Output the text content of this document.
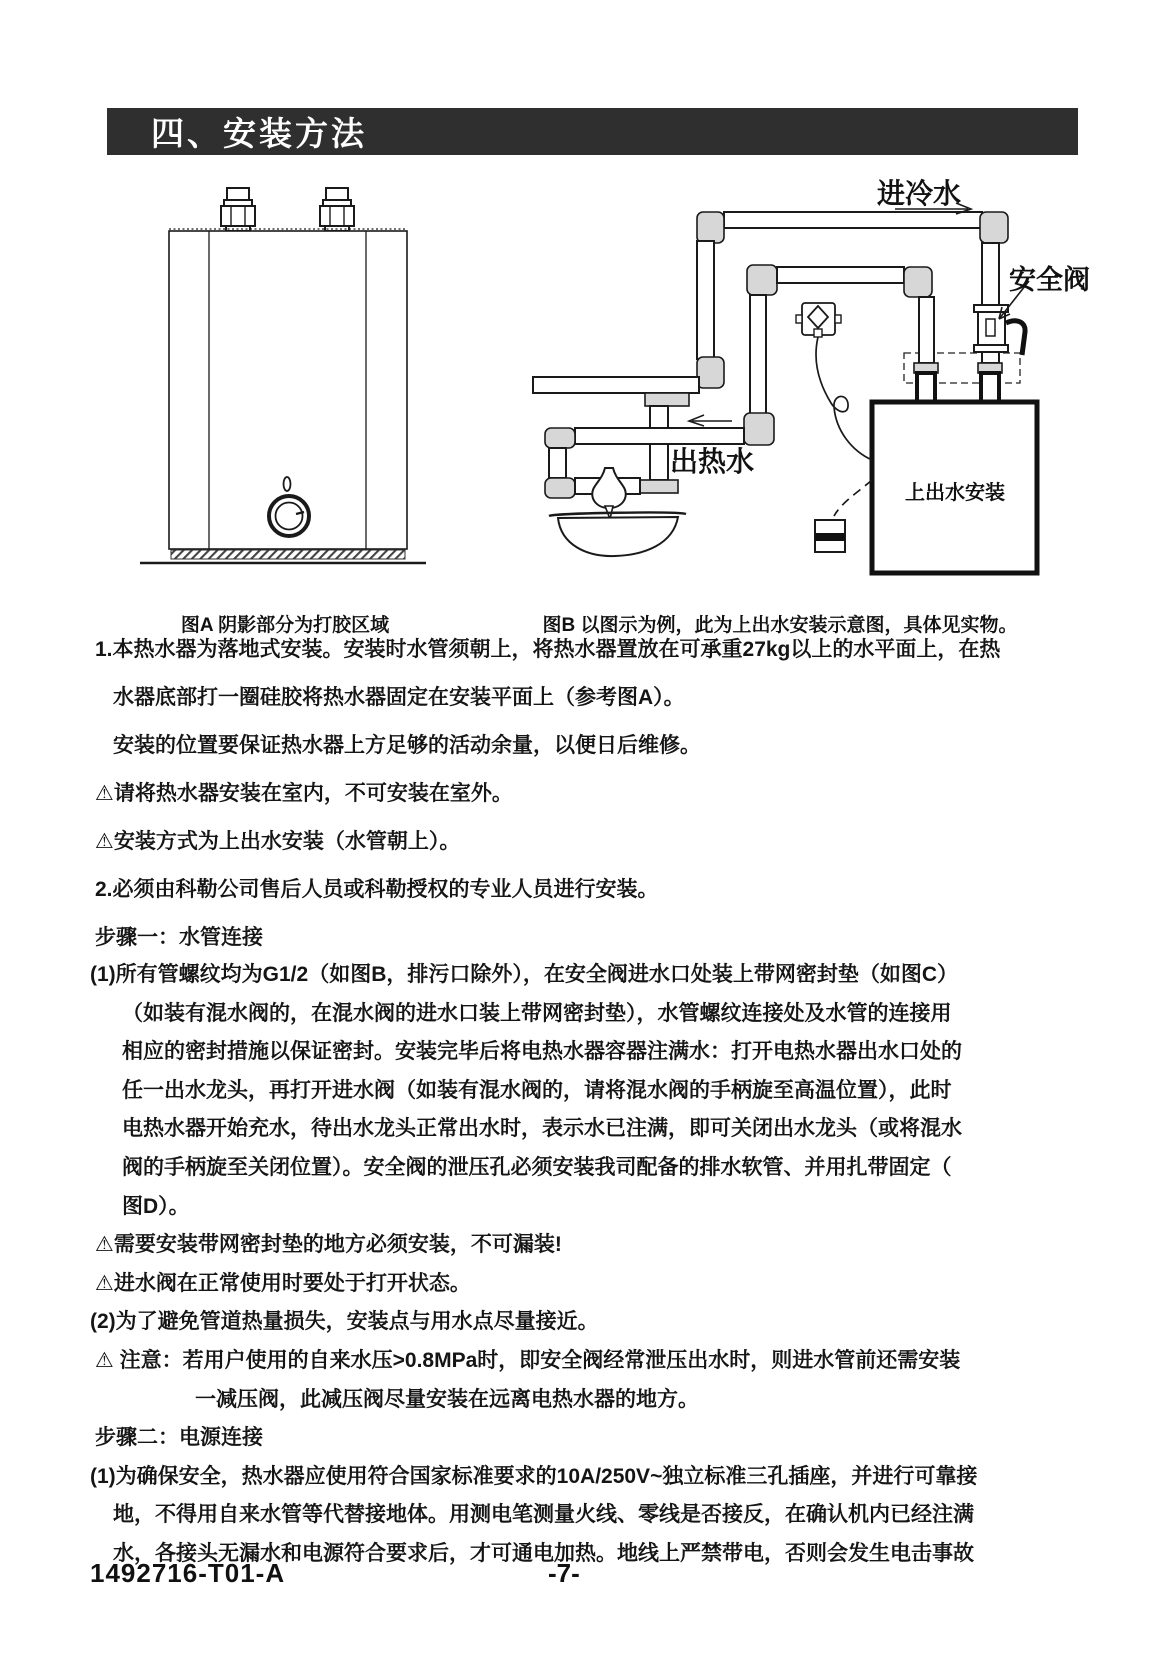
四、安装方法
图A 阴影部分为打胶区域
上出水安装
进冷水
安全阀
出热水
图B 以图示为例，此为上出水安装示意图，具体见实物。
1.本热水器为落地式安装。安装时水管须朝上，将热水器置放在可承重27kg以上的水平面上，在热
水器底部打一圈硅胶将热水器固定在安装平面上（参考图A）。
安装的位置要保证热水器上方足够的活动余量，以便日后维修。
⚠请将热水器安装在室内，不可安装在室外。
⚠安装方式为上出水安装（水管朝上）。
2.必须由科勒公司售后人员或科勒授权的专业人员进行安装。
步骤一：水管连接
(1)所有管螺纹均为G1/2（如图B，排污口除外），在安全阀进水口处装上带网密封垫（如图C）
（如装有混水阀的，在混水阀的进水口装上带网密封垫），水管螺纹连接处及水管的连接用
相应的密封措施以保证密封。安装完毕后将电热水器容器注满水：打开电热水器出水口处的
任一出水龙头，再打开进水阀（如装有混水阀的，请将混水阀的手柄旋至高温位置），此时
电热水器开始充水，待出水龙头正常出水时，表示水已注满，即可关闭出水龙头（或将混水
阀的手柄旋至关闭位置）。安全阀的泄压孔必须安装我司配备的排水软管、并用扎带固定（
图D）。
⚠需要安装带网密封垫的地方必须安装，不可漏装!
⚠进水阀在正常使用时要处于打开状态。
(2)为了避免管道热量损失，安装点与用水点尽量接近。
⚠ 注意：若用户使用的自来水压>0.8MPa时，即安全阀经常泄压出水时，则进水管前还需安装
一减压阀，此减压阀尽量安装在远离电热水器的地方。
步骤二：电源连接
(1)为确保安全，热水器应使用符合国家标准要求的10A/250V~独立标准三孔插座，并进行可靠接
地，不得用自来水管等代替接地体。用测电笔测量火线、零线是否接反，在确认机内已经注满
水，各接头无漏水和电源符合要求后，才可通电加热。地线上严禁带电，否则会发生电击事故
1492716-T01-A	-7-
